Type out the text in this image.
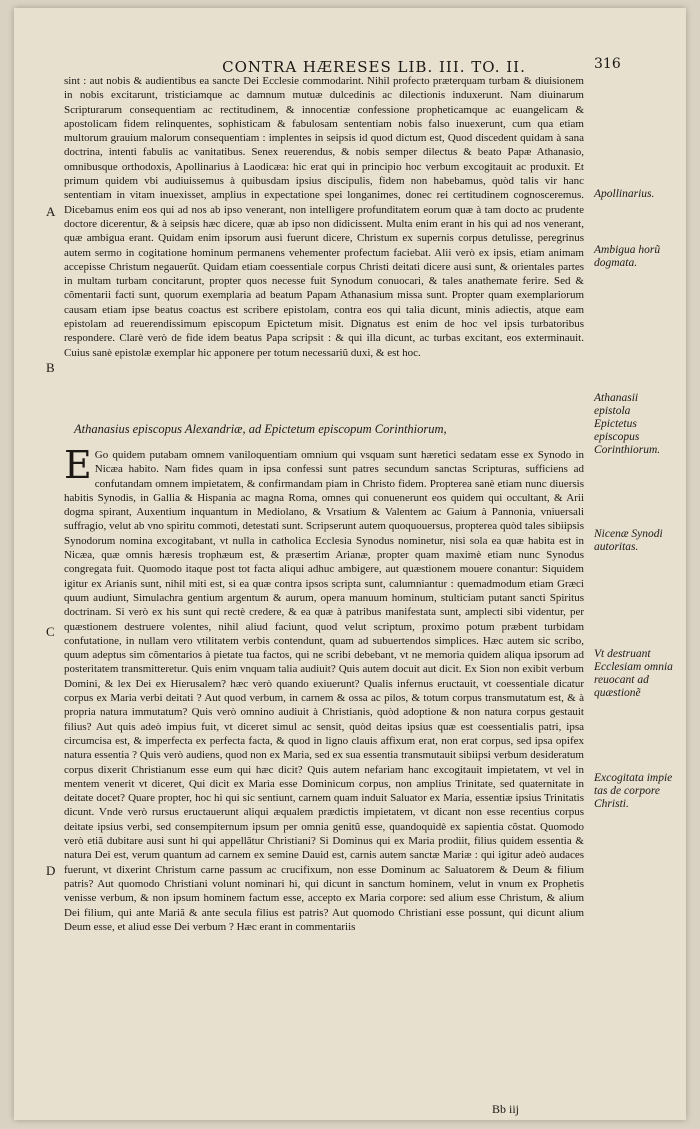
CONTRA HÆRESES LIB. III. TO. II.	316

sint : aut nobis & audientibus ea sancte Dei Ecclesie commodarint. Nihil profecto præterquam turbam & diuisionem in nobis excitarunt, tristiciamque ac damnum mutuæ dulcedinis ac dilectionis induxerunt. Nam diuinarum Scripturarum consequentiam ac rectitudinem, & innocentiæ confessione propheticamque ac euangelicam & apostolicam fidem relinquentes, sophisticam & fabulosam sententiam nobis falso inuexerunt, cum qua etiam multorum grauium malorum consequentiam : implentes in seipsis id quod dictum est, Quod discedent quidam à sana doctrina, intenti fabulis ac vanitatibus. Senex reuerendus, & nobis semper dilectus & beato Papæ Athanasio, omnibusque orthodoxis, Apollinarius à Laodicæa: hic erat qui in principio hoc verbum excogitauit ac produxit. Et primum quidem vbi audiuissemus à quibusdam ipsius discipulis, fidem non habebamus, quòd talis vir hanc sententiam in vitam inuexisset, amplius in expectatione spei longanimes, donec rei certitudinem cognosceremus. Dicebamus enim eos qui ad nos ab ipso venerant, non intelligere profunditatem eorum quæ à tam docto ac prudente doctore dicerentur, & à seipsis hæc dicere, quæ ab ipso non didicissent. Multa enim erant in his qui ad nos venerant, quæ ambigua erant. Quidam enim ipsorum ausi fuerunt dicere, Christum ex supernis corpus detulisse, peregrinus autem sermo in cogitatione hominum permanens vehementer profectum faciebat. Alii verò ex ipsis, etiam animam accepisse Christum negauerũt. Quidam etiam coessentiale corpus Christi deitati dicere ausi sunt, & orientales partes in multam turbam concitarunt, propter quos necesse fuit Synodum conuocari, & tales anathemate ferire. Sed & cõmentarii facti sunt, quorum exemplaria ad beatum Papam Athanasium missa sunt. Propter quam exemplariorum causam etiam ipse beatus coactus est scribere epistolam, contra eos qui talia dicunt, minis adiectis, atque eam epistolam ad reuerendissimum episcopum Epictetum misit. Dignatus est enim de hoc vel ipsis turbatoribus respondere. Clarè verò de fide idem beatus Papa scripsit : & qui illa dicunt, ac turbas excitant, eos exterminauit. Cuius sanè epistolæ exemplar hic apponere per totum necessariũ duxi, & est hoc.

Athanasius episcopus Alexandriæ, ad Epictetum episcopum Corinthiorum,

E Go quidem putabam omnem vaniloquentiam omnium qui vsquam sunt hæretici sedatam esse ex Synodo in Nicæa habito. Nam fides quam in ipsa confessi sunt patres secundum sanctas Scripturas, sufficiens ad confutandam omnem impietatem, & confirmandam piam in Christo fidem. Propterea sanè etiam nunc diuersis habitis Synodis, in Gallia & Hispania ac magna Roma, omnes qui conuenerunt eos quidem qui occultant, & Arii dogma spirant, Auxentium inquantum in Mediolano, & Vrsatium & Valentem ac Gaium à Pannonia, vniuersali suffragio, velut ab vno spiritu commoti, detestati sunt. Scripserunt autem quoquouersus, propterea quòd tales sibiipsis Synodorum nomina excogitabant, vt nulla in catholica Ecclesia Synodus nominetur, nisi sola ea quæ habita est in Nicæa, quæ omnis hæresis trophæum est, & præsertim Arianæ, propter quam maximè etiam nunc Synodus congregata fuit. Quomodo itaque post tot facta aliqui adhuc ambigere, aut quæstionem mouere conantur: Siquidem igitur ex Arianis sunt, nihil miti est, si ea quæ contra ipsos scripta sunt, calumniantur : quemadmodum etiam Græci quum audiunt, Simulachra gentium argentum & aurum, opera manuum hominum, stulticiam putant sancti Spiritus doctrinam. Si verò ex his sunt qui rectè credere, & ea quæ à patribus manifestata sunt, amplecti sibi videntur, per quæstionem destruere volentes, nihil aliud faciunt, quod velut scriptum, proximo potum præbent turbidam confutatione, in nullam vero vtilitatem verbis contendunt, quam ad subuertendos simplices. Hæc autem sic scribo, quum adeptus sim cõmentarios à pietate tua factos, qui ne scribi debebant, vt ne memoria quidem aliqua ipsorum ad posteritatem transmitteretur. Quis enim vnquam talia audiuit? Quis autem docuit aut dicit. Ex Sion non exibit verbum Domini, & lex Dei ex Hierusalem? hæc verò quando exiuerunt? Qualis infernus eructauit, vt coessentiale dicatur corpus ex Maria verbi deitati ? Aut quod verbum, in carnem & ossa ac pilos, & totum corpus transmutatum est, & à propria natura immutatum? Quis verò omnino audiuit à Christianis, quòd adoptione & non natura corpus gestauit filius? Aut quis adeò impius fuit, vt diceret simul ac sensit, quòd deitas ipsius quæ est coessentialis patri, ipsa circumcisa est, & imperfecta ex perfecta facta, & quod in ligno clauis affixum erat, non erat corpus, sed ipsa opifex natura essentia ? Quis verò audiens, quod non ex Maria, sed ex sua essentia transmutauit sibiipsi verbum desideratum corpus dixerit Christianum esse eum qui hæc dicit? Quis autem nefariam hanc excogitauit impietatem, vt vel in mentem venerit vt diceret, Qui dicit ex Maria esse Dominicum corpus, non amplius Trinitate, sed quaternitate in deitate docet? Quare propter, hoc hi qui sic sentiunt, carnem quam induit Saluator ex Maria, essentiæ ipsius Trinitatis dicunt. Vnde verò rursus eructauerunt aliqui æqualem prædictis impietatem, vt dicant non esse recentius corpus deitate ipsius verbi, sed consempiternum ipsum per omnia genitũ esse, quandoquidè ex sapientia cõstat. Quomodo verò etiã dubitare ausi sunt hi qui appellãtur Christiani? Si Dominus qui ex Maria prodiit, filius quidem essentia & natura Dei est, verum quantum ad carnem ex semine Dauid est, carnis autem sanctæ Mariæ : qui igitur adeò audaces fuerunt, vt dixerint Christum carne passum ac crucifixum, non esse Dominum ac Saluatorem & Deum & filium patris? Aut quomodo Christiani volunt nominari hi, qui dicunt in sanctum hominem, velut in vnum ex Prophetis venisse verbum, & non ipsum hominem factum esse, accepto ex Maria corpore: sed alium esse Christum, & alium Dei filium, qui ante Mariã & ante secula filius est patris? Aut quomodo Christiani esse possunt, qui dicunt alium Deum esse, et aliud esse Dei verbum ? Hæc erant in commentariis

A
B
C
D
Apollinarius.
Ambigua horũ dogmata.
Athanasii epistola Epictetus episcopus Corinthiorum.
Nicenæ Synodi autoritas.
Vt destruant Ecclesiam omnia reuocant ad quæstionẽ
Excogitata impie tas de corpore Christi.
Bb iij
